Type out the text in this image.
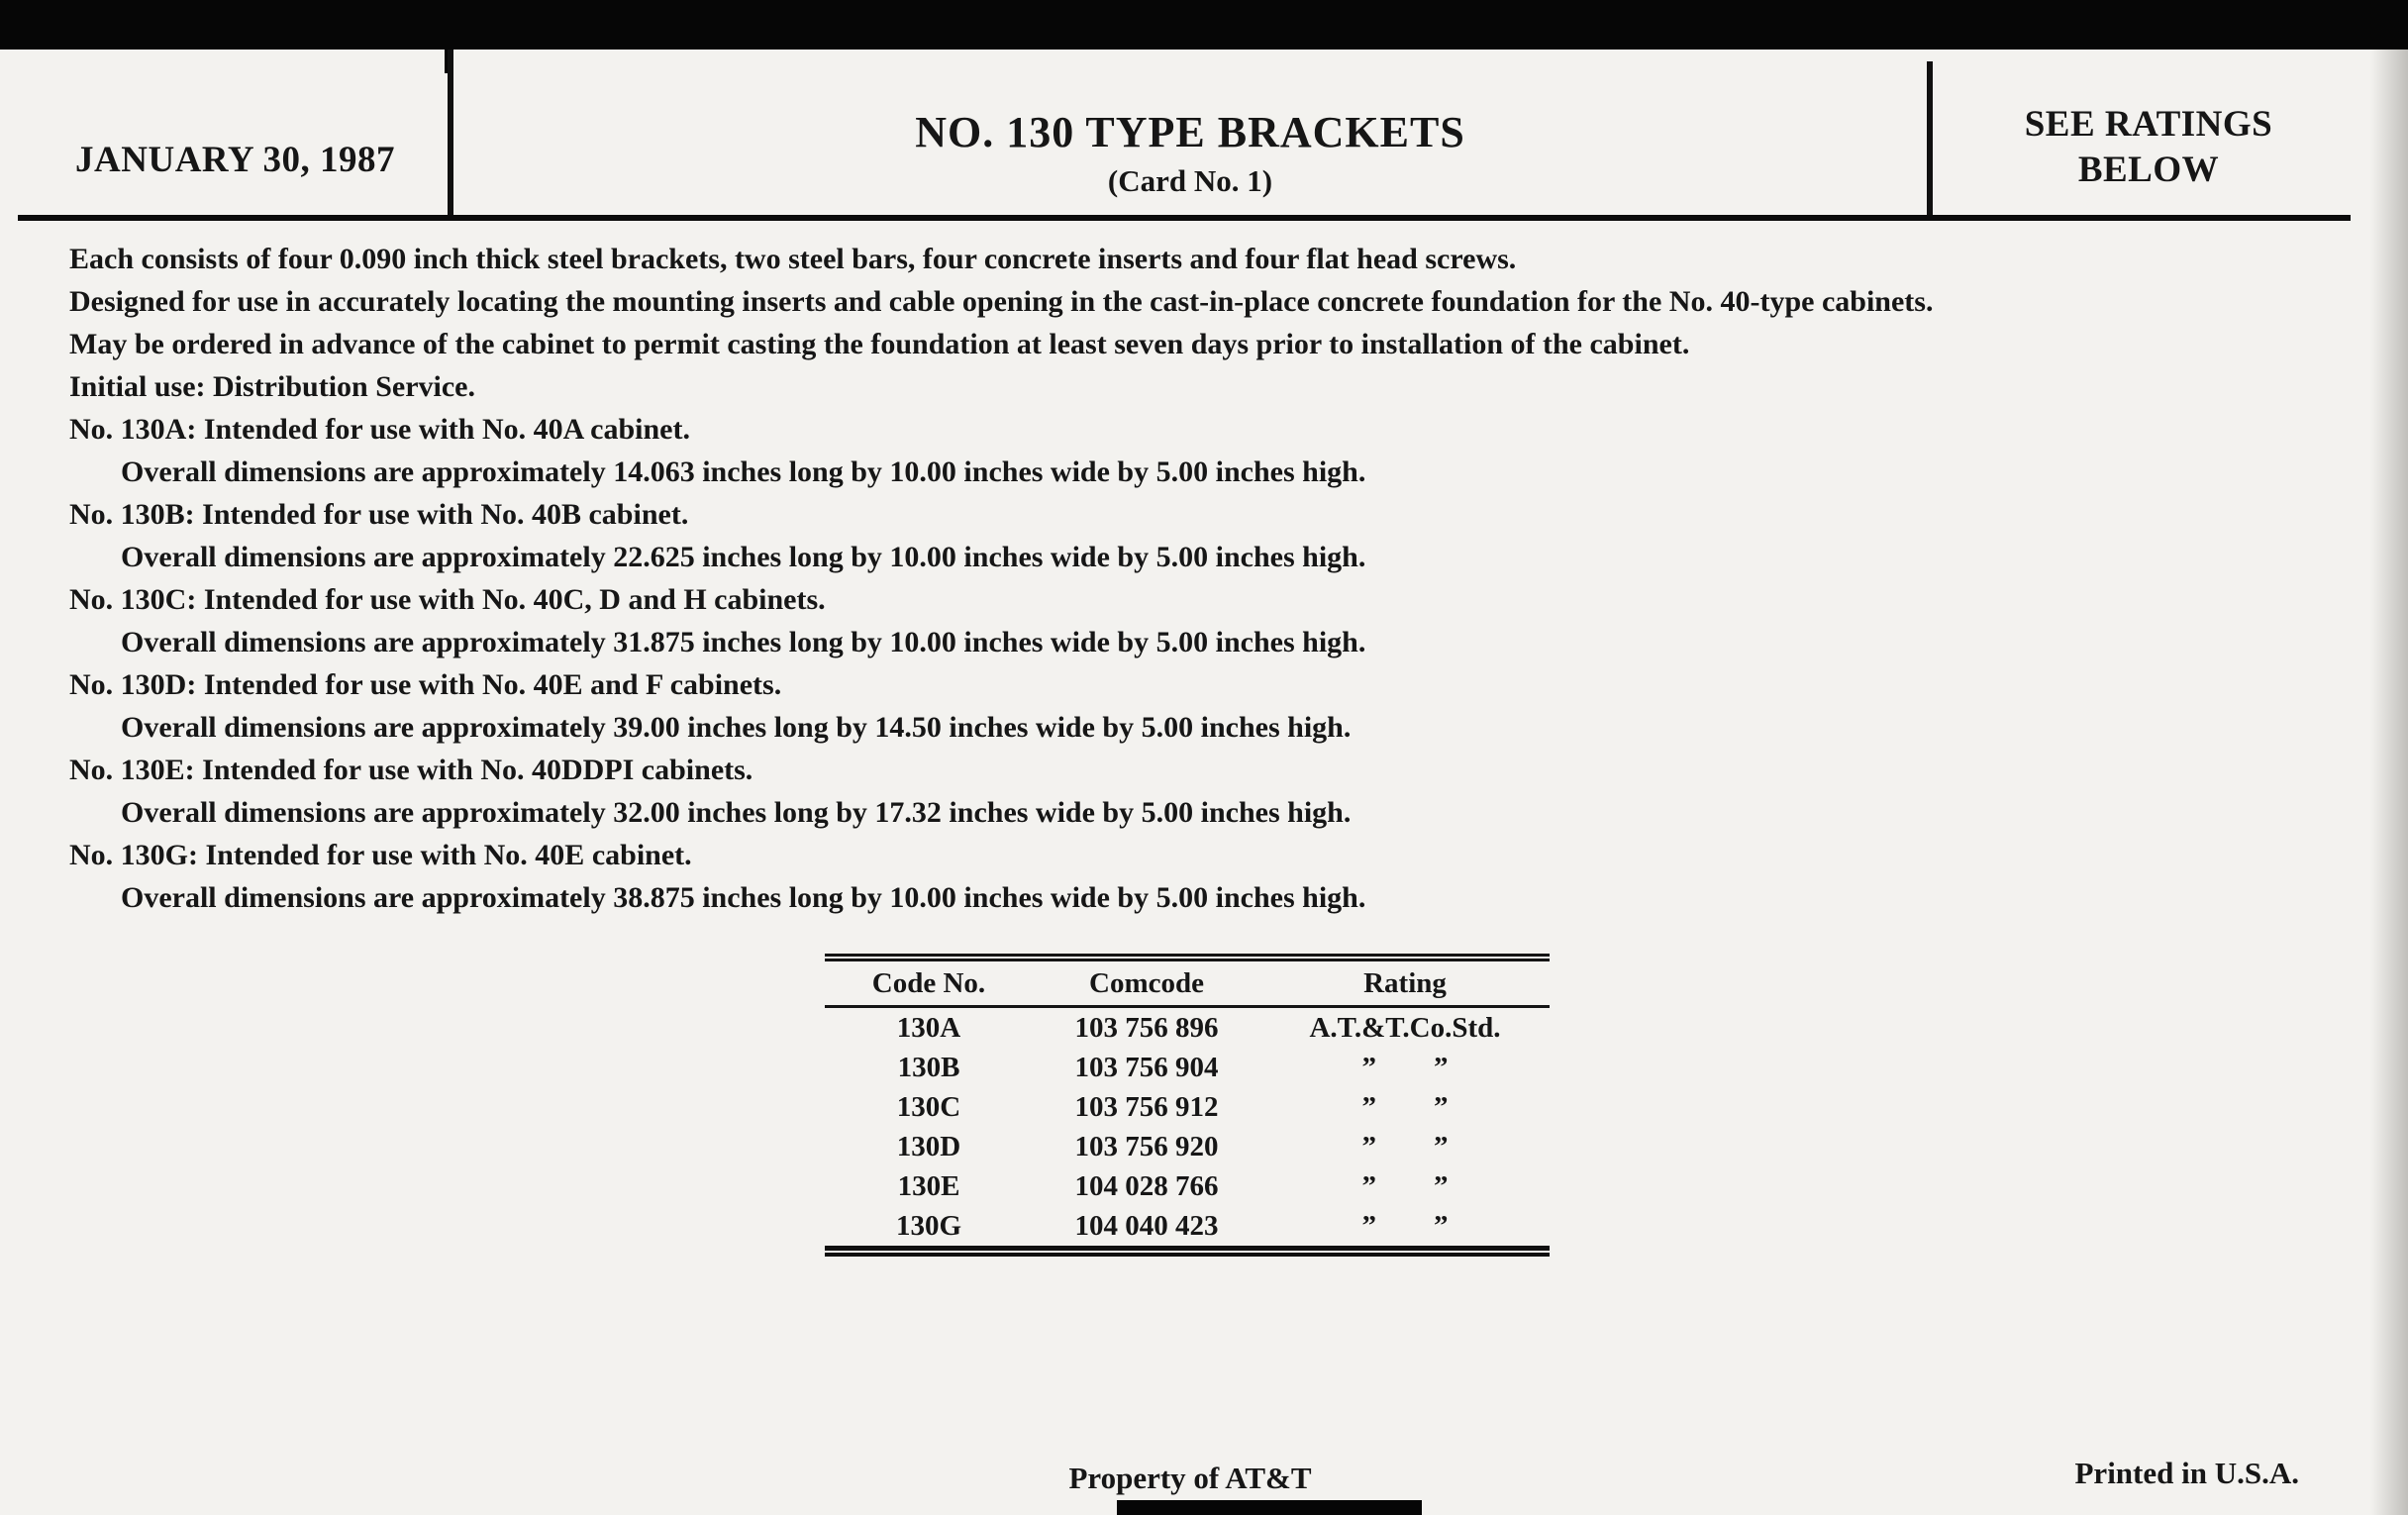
JANUARY 30, 1987
NO. 130 TYPE BRACKETS
(Card No. 1)
SEE RATINGS
BELOW

Each consists of four 0.090 inch thick steel brackets, two steel bars, four concrete inserts and four flat head screws.

Designed for use in accurately locating the mounting inserts and cable opening in the cast-in-place concrete foundation for the No. 40-type cabinets.

May be ordered in advance of the cabinet to permit casting the foundation at least seven days prior to installation of the cabinet.

Initial use: Distribution Service.

No. 130A: Intended for use with No. 40A cabinet.

Overall dimensions are approximately 14.063 inches long by 10.00 inches wide by 5.00 inches high.

No. 130B: Intended for use with No. 40B cabinet.

Overall dimensions are approximately 22.625 inches long by 10.00 inches wide by 5.00 inches high.

No. 130C: Intended for use with No. 40C, D and H cabinets.

Overall dimensions are approximately 31.875 inches long by 10.00 inches wide by 5.00 inches high.

No. 130D: Intended for use with No. 40E and F cabinets.

Overall dimensions are approximately 39.00 inches long by 14.50 inches wide by 5.00 inches high.

No. 130E: Intended for use with No. 40DDPI cabinets.

Overall dimensions are approximately 32.00 inches long by 17.32 inches wide by 5.00 inches high.

No. 130G: Intended for use with No. 40E cabinet.

Overall dimensions are approximately 38.875 inches long by 10.00 inches wide by 5.00 inches high.

Code No.	Comcode	Rating
130A	103 756 896	A.T.&T.Co.Std.
130B	103 756 904	”        ”
130C	103 756 912	”        ”
130D	103 756 920	”        ”
130E	104 028 766	”        ”
130G	104 040 423	”        ”
Property of AT&T	Printed in U.S.A.
